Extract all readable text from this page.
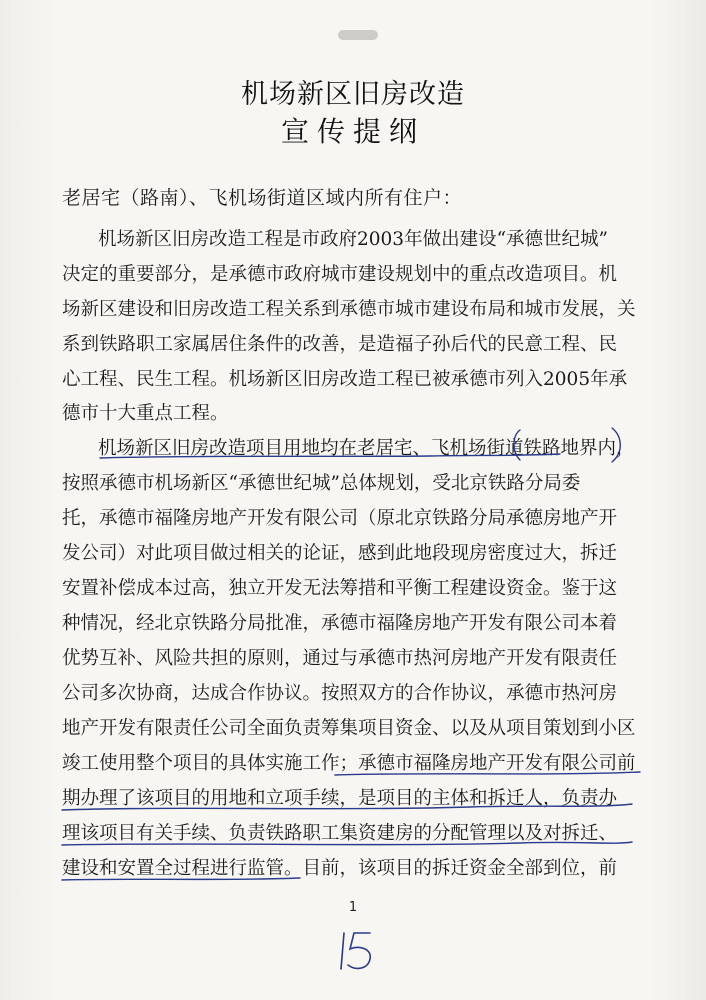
机场新区旧房改造
宣传提纲
老居宅（路南）、飞机场街道区域内所有住户：
机场新区旧房改造工程是市政府2003年做出建设“承德世纪城”
决定的重要部分，是承德市政府城市建设规划中的重点改造项目。机
场新区建设和旧房改造工程关系到承德市城市建设布局和城市发展，关
系到铁路职工家属居住条件的改善，是造福子孙后代的民意工程、民
心工程、民生工程。机场新区旧房改造工程已被承德市列入2005年承
德市十大重点工程。
机场新区旧房改造项目用地均在老居宅、飞机场街道铁路地界内，
按照承德市机场新区“承德世纪城”总体规划，受北京铁路分局委
托，承德市福隆房地产开发有限公司（原北京铁路分局承德房地产开
发公司）对此项目做过相关的论证，感到此地段现房密度过大，拆迁
安置补偿成本过高，独立开发无法筹措和平衡工程建设资金。鉴于这
种情况，经北京铁路分局批准，承德市福隆房地产开发有限公司本着
优势互补、风险共担的原则，通过与承德市热河房地产开发有限责任
公司多次协商，达成合作协议。按照双方的合作协议，承德市热河房
地产开发有限责任公司全面负责筹集项目资金、以及从项目策划到小区
竣工使用整个项目的具体实施工作；承德市福隆房地产开发有限公司前
期办理了该项目的用地和立项手续，是项目的主体和拆迁人，负责办
理该项目有关手续、负责铁路职工集资建房的分配管理以及对拆迁、
建设和安置全过程进行监管。目前，该项目的拆迁资金全部到位，前
1
